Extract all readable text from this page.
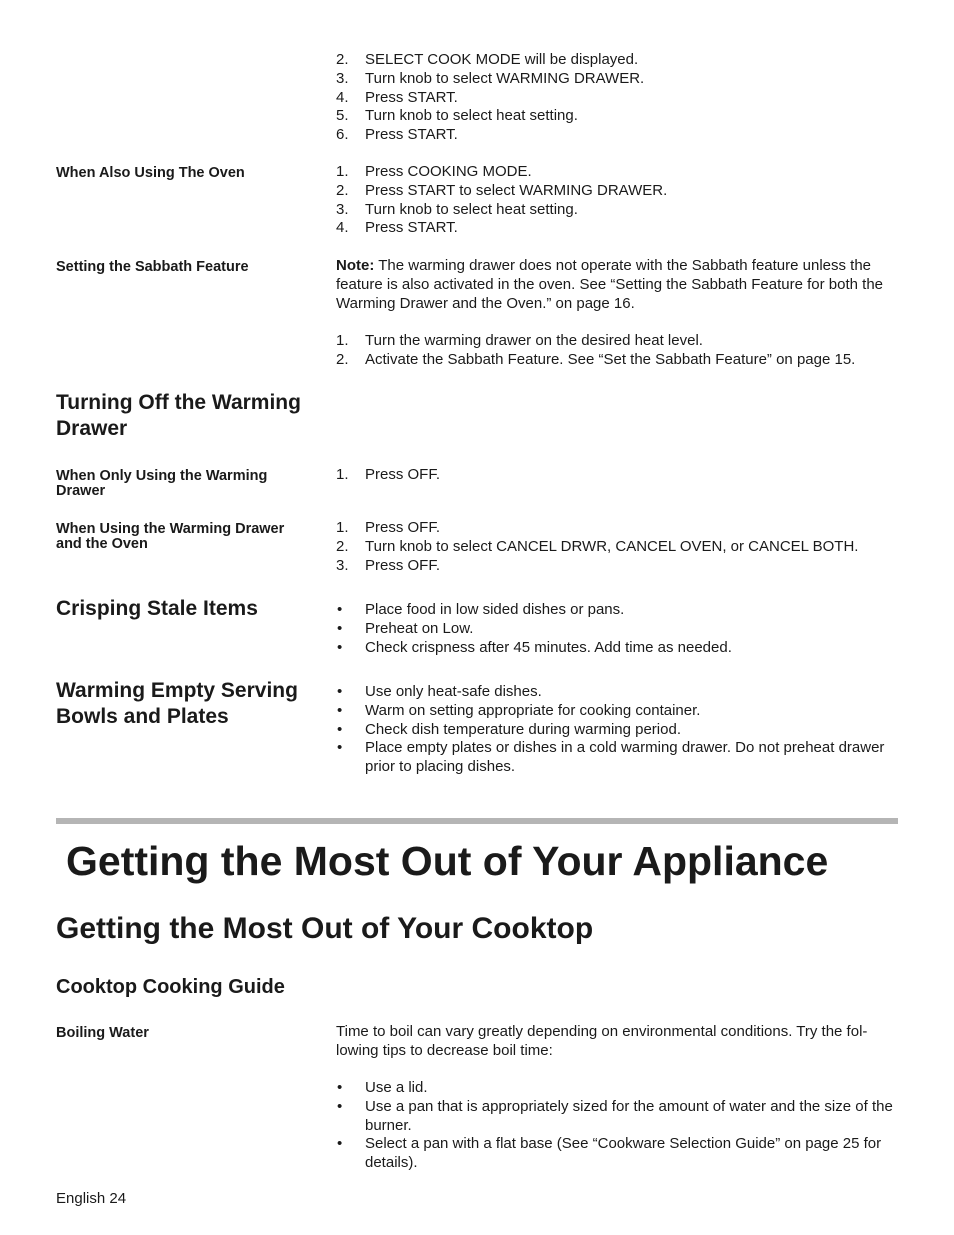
2. SELECT COOK MODE will be displayed.
3. Turn knob to select WARMING DRAWER.
4. Press START.
5. Turn knob to select heat setting.
6. Press START.
When Also Using The Oven	1. Press COOKING MODE.
2. Press START to select WARMING DRAWER.
3. Turn knob to select heat setting.
4. Press START.
Setting the Sabbath Feature	Note: The warming drawer does not operate with the Sabbath feature unless the feature is also activated in the oven. See “Setting the Sabbath Feature for both the Warming Drawer and the Oven.” on page 16.
1. Turn the warming drawer on the desired heat level.
2. Activate the Sabbath Feature. See “Set the Sabbath Feature” on page 15.
Turning Off the Warming Drawer
When Only Using the Warming Drawer
1. Press OFF.
When Using the Warming Drawer and the Oven
1. Press OFF.
2. Turn knob to select CANCEL DRWR, CANCEL OVEN, or CANCEL BOTH.
3. Press OFF.
Crisping Stale Items	• Place food in low sided dishes or pans.
• Preheat on Low.
• Check crispness after 45 minutes. Add time as needed.
Warming Empty Serving Bowls and Plates
• Use only heat-safe dishes.
• Warm on setting appropriate for cooking container.
• Check dish temperature during warming period.
• Place empty plates or dishes in a cold warming drawer. Do not preheat drawer prior to placing dishes.
Getting the Most Out of Your Appliance
Getting the Most Out of Your Cooktop
Cooktop Cooking Guide
Boiling Water	Time to boil can vary greatly depending on environmental conditions. Try the fol-lowing tips to decrease boil time:
• Use a lid.
• Use a pan that is appropriately sized for the amount of water and the size of the burner.
• Select a pan with a flat base (See “Cookware Selection Guide” on page 25 for details).
English 24
